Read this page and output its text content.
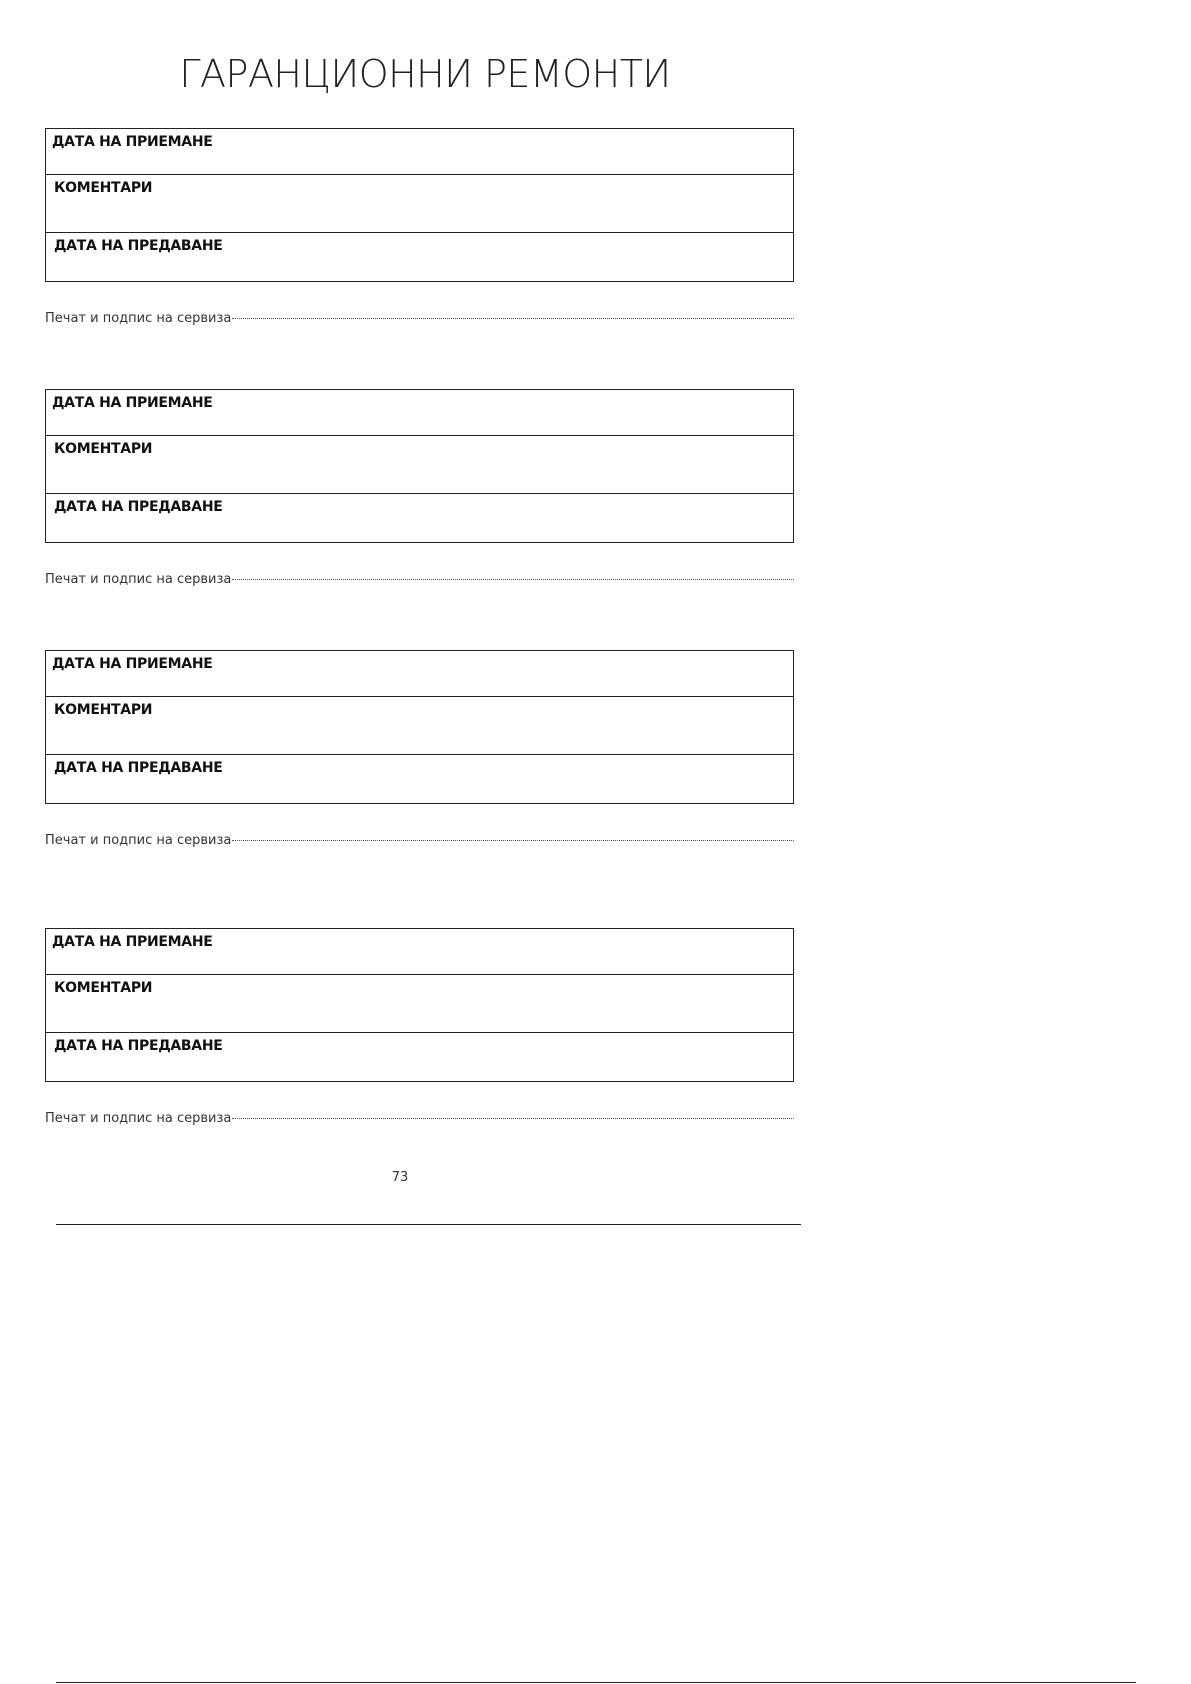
ГАРАНЦИОННИ РЕМОНТИ
ДАТА НА ПРИЕМАНЕ
КОМЕНТАРИ
ДАТА НА ПРЕДАВАНЕ
Печат и подпис на сервиза
ДАТА НА ПРИЕМАНЕ
КОМЕНТАРИ
ДАТА НА ПРЕДАВАНЕ
Печат и подпис на сервиза
ДАТА НА ПРИЕМАНЕ
КОМЕНТАРИ
ДАТА НА ПРЕДАВАНЕ
Печат и подпис на сервиза
ДАТА НА ПРИЕМАНЕ
КОМЕНТАРИ
ДАТА НА ПРЕДАВАНЕ
Печат и подпис на сервиза
73
